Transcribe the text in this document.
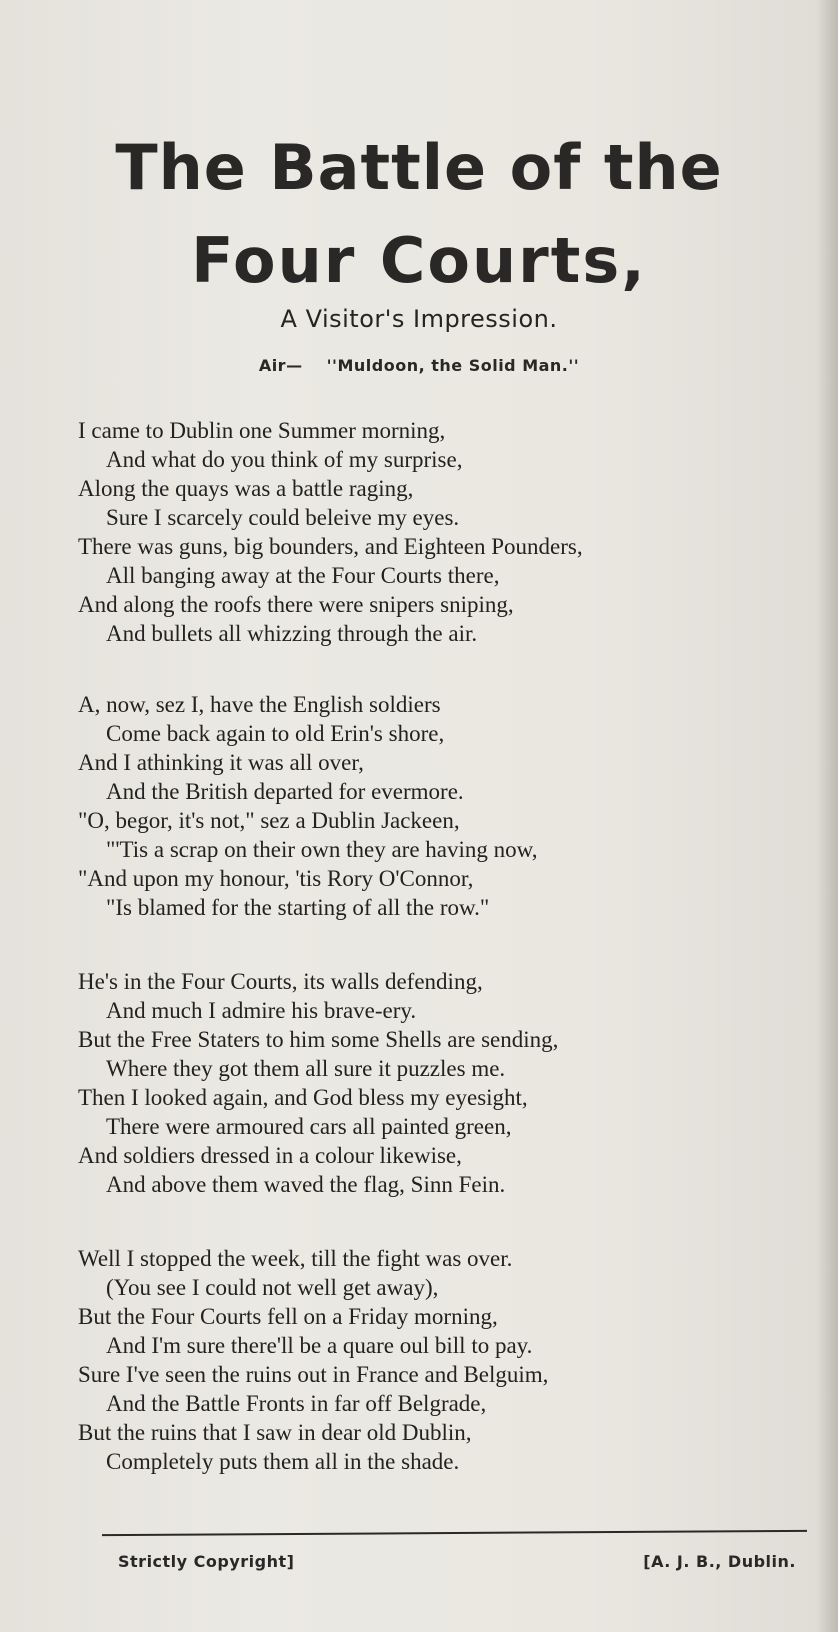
The Battle of the
Four Courts,
A Visitor's Impression.
Air— ''Muldoon, the Solid Man.''
I came to Dublin one Summer morning,
And what do you think of my surprise,
Along the quays was a battle raging,
Sure I scarcely could beleive my eyes.
There was guns, big bounders, and Eighteen Pounders,
All banging away at the Four Courts there,
And along the roofs there were snipers sniping,
And bullets all whizzing through the air.
A, now, sez I, have the English soldiers
Come back again to old Erin's shore,
And I athinking it was all over,
And the British departed for evermore.
"O, begor, it's not," sez a Dublin Jackeen,
"'Tis a scrap on their own they are having now,
"And upon my honour, 'tis Rory O'Connor,
"Is blamed for the starting of all the row."
He's in the Four Courts, its walls defending,
And much I admire his brave-ery.
But the Free Staters to him some Shells are sending,
Where they got them all sure it puzzles me.
Then I looked again, and God bless my eyesight,
There were armoured cars all painted green,
And soldiers dressed in a colour likewise,
And above them waved the flag, Sinn Fein.
Well I stopped the week, till the fight was over.
(You see I could not well get away),
But the Four Courts fell on a Friday morning,
And I'm sure there'll be a quare oul bill to pay.
Sure I've seen the ruins out in France and Belguim,
And the Battle Fronts in far off Belgrade,
But the ruins that I saw in dear old Dublin,
Completely puts them all in the shade.
Strictly Copyright]	[A. J. B., Dublin.
